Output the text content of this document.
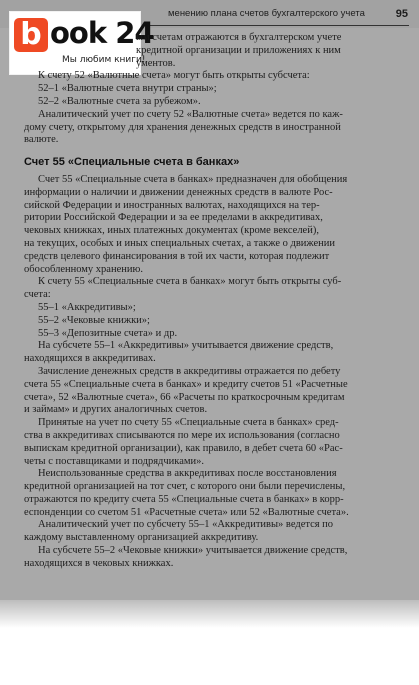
менению плана счетов бухгалтерского учета	95
b ook 24
Мы любим книги!
ым счетам отражаются в бухгалтерском учете
кредитной организации и приложениях к ним
ументов.
К счету 52 «Валютные счета» могут быть открыты субсчета:
52–1 «Валютные счета внутри страны»;
52–2 «Валютные счета за рубежом».
Аналитический учет по счету 52 «Валютные счета» ведется по каж-
дому счету, открытому для хранения денежных средств в иностранной
валюте.

Счет 55 «Специальные счета в банках»

Счет 55 «Специальные счета в банках» предназначен для обобщения
информации о наличии и движении денежных средств в валюте Рос-
сийской Федерации и иностранных валютах, находящихся на тер-
ритории Российской Федерации и за ее пределами в аккредитивах,
чековых книжках, иных платежных документах (кроме векселей),
на текущих, особых и иных специальных счетах, а также о движении
средств целевого финансирования в той их части, которая подлежит
обособленному хранению.
К счету 55 «Специальные счета в банках» могут быть открыты суб-
счета:
55–1 «Аккредитивы»;
55–2 «Чековые книжки»;
55–3 «Депозитные счета» и др.
На субсчете 55–1 «Аккредитивы» учитывается движение средств,
находящихся в аккредитивах.
Зачисление денежных средств в аккредитивы отражается по дебету
счета 55 «Специальные счета в банках» и кредиту счетов 51 «Расчетные
счета», 52 «Валютные счета», 66 «Расчеты по краткосрочным кредитам
и займам» и других аналогичных счетов.
Принятые на учет по счету 55 «Специальные счета в банках» сред-
ства в аккредитивах списываются по мере их использования (согласно
выпискам кредитной организации), как правило, в дебет счета 60 «Рас-
четы с поставщиками и подрядчиками».
Неиспользованные средства в аккредитивах после восстановления
кредитной организацией на тот счет, с которого они были перечислены,
отражаются по кредиту счета 55 «Специальные счета в банках» в корр-
еспонденции со счетом 51 «Расчетные счета» или 52 «Валютные счета».
Аналитический учет по субсчету 55–1 «Аккредитивы» ведется по
каждому выставленному организацией аккредитиву.
На субсчете 55–2 «Чековые книжки» учитывается движение средств,
находящихся в чековых книжках.
